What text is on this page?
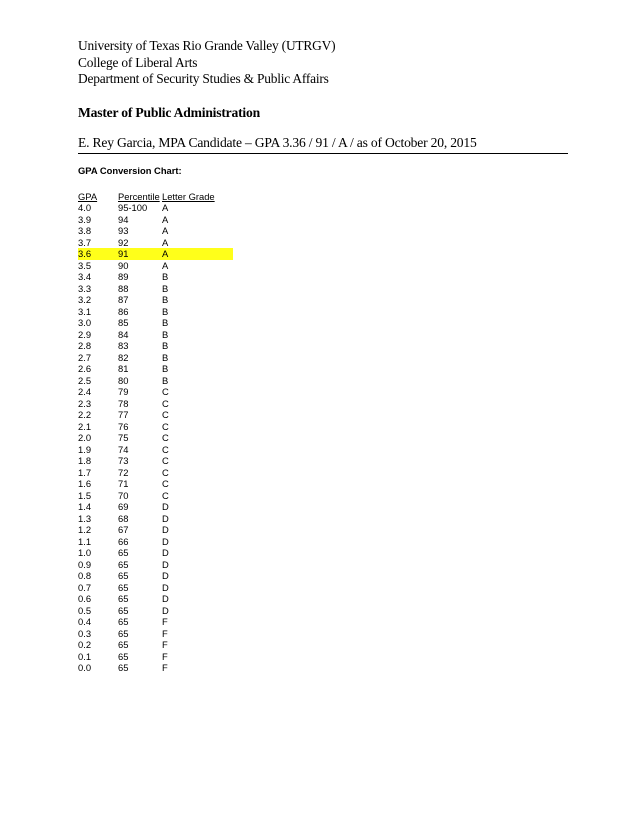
University of Texas Rio Grande Valley (UTRGV)
College of Liberal Arts
Department of Security Studies & Public Affairs
Master of Public Administration
E. Rey Garcia, MPA Candidate – GPA 3.36 / 91 / A / as of October 20, 2015
GPA Conversion Chart:
GPA	Percentile	Letter Grade
4.0	95-100	A
3.9	94	A
3.8	93	A
3.7	92	A
3.6	91	A
3.5	90	A
3.4	89	B
3.3	88	B
3.2	87	B
3.1	86	B
3.0	85	B
2.9	84	B
2.8	83	B
2.7	82	B
2.6	81	B
2.5	80	B
2.4	79	C
2.3	78	C
2.2	77	C
2.1	76	C
2.0	75	C
1.9	74	C
1.8	73	C
1.7	72	C
1.6	71	C
1.5	70	C
1.4	69	D
1.3	68	D
1.2	67	D
1.1	66	D
1.0	65	D
0.9	65	D
0.8	65	D
0.7	65	D
0.6	65	D
0.5	65	D
0.4	65	F
0.3	65	F
0.2	65	F
0.1	65	F
0.0	65	F
